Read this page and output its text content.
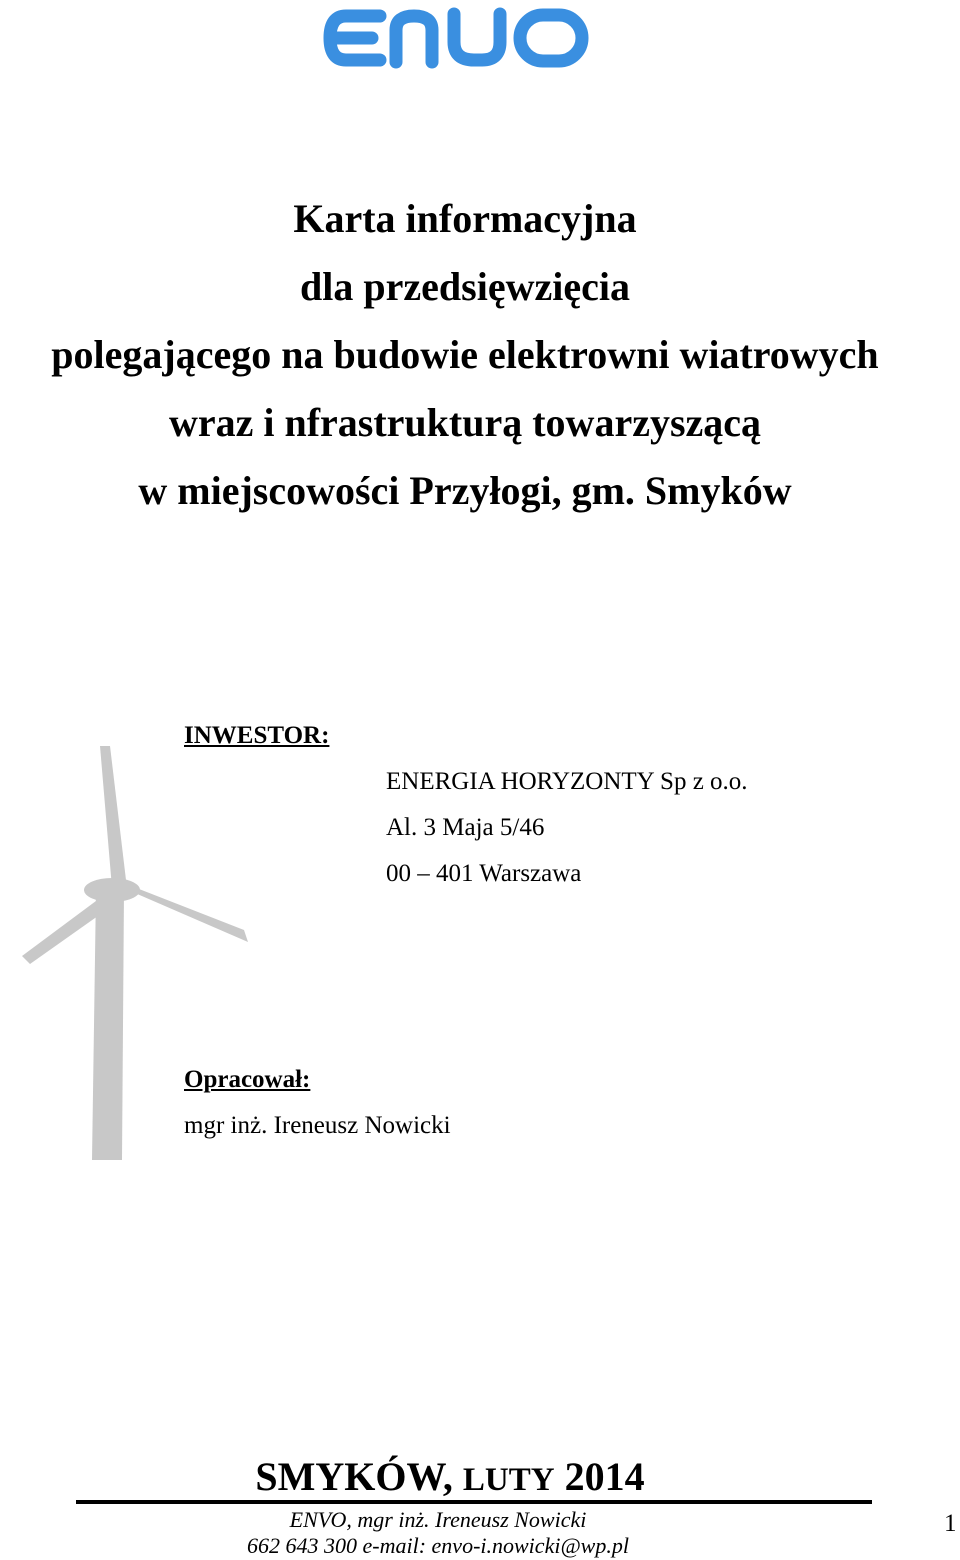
Karta informacyjna
dla przedsięwzięcia
polegającego na budowie elektrowni wiatrowych
wraz i nfrastrukturą towarzyszącą
w miejscowości Przyłogi, gm. Smyków
INWESTOR:
ENERGIA HORYZONTY Sp z o.o.
Al. 3 Maja 5/46
00 – 401 Warszawa
Opracował:
mgr inż. Ireneusz Nowicki
SMYKÓW, LUTY 2014
ENVO, mgr inż. Ireneusz Nowicki
662 643 300 e-mail: envo-i.nowicki@wp.pl
1
